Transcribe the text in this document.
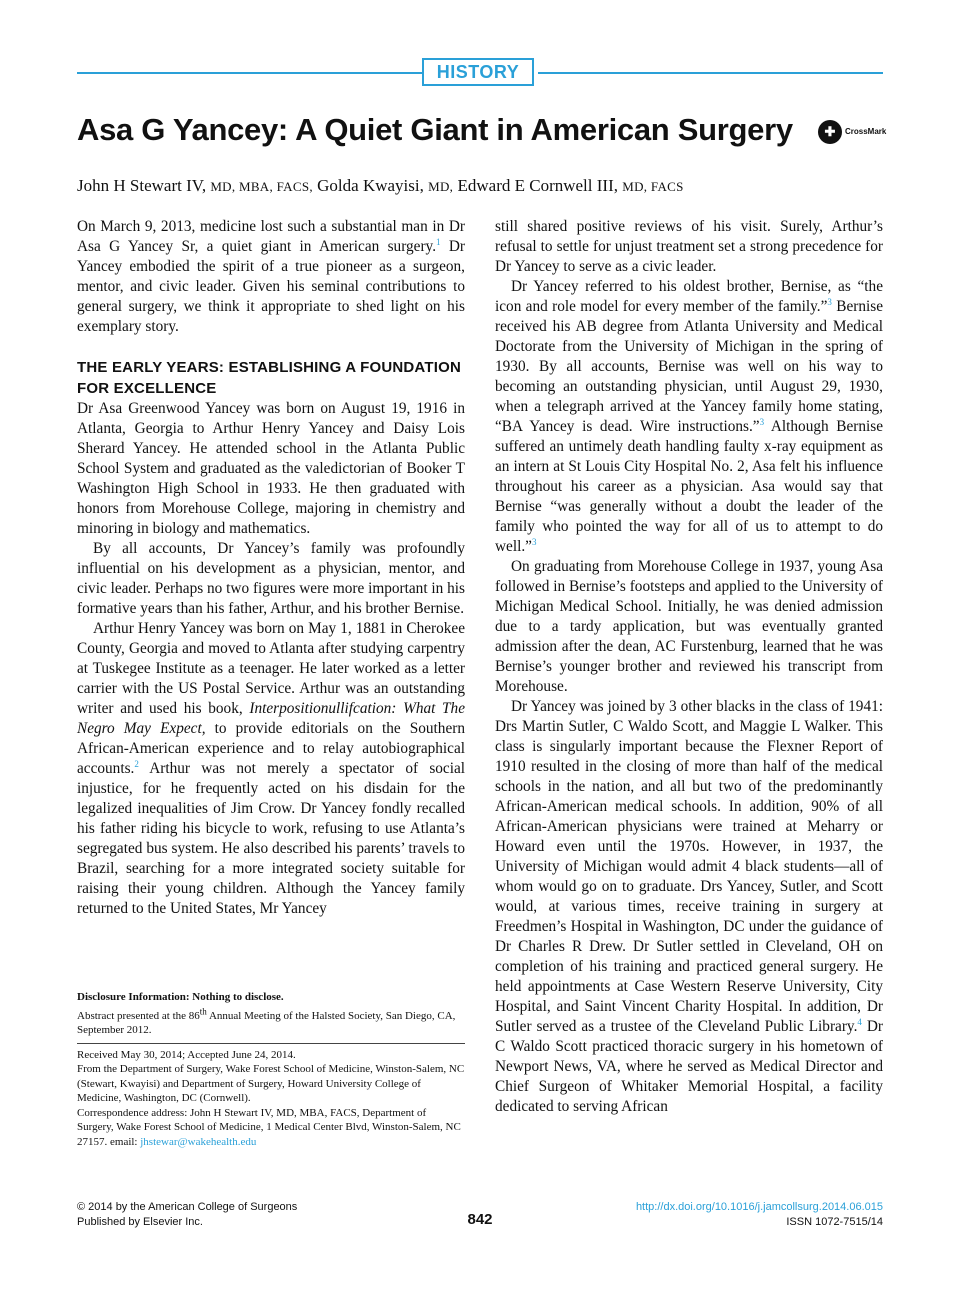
HISTORY
Asa G Yancey: A Quiet Giant in American Surgery	✚	CrossMark
John H Stewart IV, MD, MBA, FACS, Golda Kwayisi, MD, Edward E Cornwell III, MD, FACS

On March 9, 2013, medicine lost such a substantial man in Dr Asa G Yancey Sr, a quiet giant in American surgery.$^1$ Dr Yancey embodied the spirit of a true pioneer as a surgeon, mentor, and civic leader. Given his seminal contributions to general surgery, we think it appropriate to shed light on his exemplary story.

THE EARLY YEARS: ESTABLISHING A FOUNDATION FOR EXCELLENCE

Dr Asa Greenwood Yancey was born on August 19, 1916 in Atlanta, Georgia to Arthur Henry Yancey and Daisy Lois Sherard Yancey. He attended school in the Atlanta Public School System and graduated as the valedictorian of Booker T Washington High School in 1933. He then graduated with honors from Morehouse College, majoring in chemistry and minoring in biology and mathematics.

By all accounts, Dr Yancey’s family was profoundly influential on his development as a physician, mentor, and civic leader. Perhaps no two figures were more important in his formative years than his father, Arthur, and his brother Bernise.

Arthur Henry Yancey was born on May 1, 1881 in Cherokee County, Georgia and moved to Atlanta after studying carpentry at Tuskegee Institute as a teenager. He later worked as a letter carrier with the US Postal Service. Arthur was an outstanding writer and used his book, Interpositionullifcation: What The Negro May Expect, to provide editorials on the Southern African-American experience and to relay autobiographical accounts.$^2$ Arthur was not merely a spectator of social injustice, for he frequently acted on his disdain for the legalized inequalities of Jim Crow. Dr Yancey fondly recalled his father riding his bicycle to work, refusing to use Atlanta’s segregated bus system. He also described his parents’ travels to Brazil, searching for a more integrated society suitable for raising their young children. Although the Yancey family returned to the United States, Mr Yancey

Disclosure Information: Nothing to disclose.
Abstract presented at the 86th Annual Meeting of the Halsted Society, San Diego, CA, September 2012.
Received May 30, 2014; Accepted June 24, 2014.
From the Department of Surgery, Wake Forest School of Medicine, Winston-Salem, NC (Stewart, Kwayisi) and Department of Surgery, Howard University College of Medicine, Washington, DC (Cornwell).
Correspondence address: John H Stewart IV, MD, MBA, FACS, Department of Surgery, Wake Forest School of Medicine, 1 Medical Center Blvd, Winston-Salem, NC 27157. email: jhstewar@wakehealth.edu

still shared positive reviews of his visit. Surely, Arthur’s refusal to settle for unjust treatment set a strong precedence for Dr Yancey to serve as a civic leader.

Dr Yancey referred to his oldest brother, Bernise, as “the icon and role model for every member of the family.”$^3$ Bernise received his AB degree from Atlanta University and Medical Doctorate from the University of Michigan in the spring of 1930. By all accounts, Bernise was well on his way to becoming an outstanding physician, until August 29, 1930, when a telegraph arrived at the Yancey family home stating, “BA Yancey is dead. Wire instructions.”$^3$ Although Bernise suffered an untimely death handling faulty x-ray equipment as an intern at St Louis City Hospital No. 2, Asa felt his influence throughout his career as a physician. Asa would say that Bernise “was generally without a doubt the leader of the family who pointed the way for all of us to attempt to do well.”$^3$

On graduating from Morehouse College in 1937, young Asa followed in Bernise’s footsteps and applied to the University of Michigan Medical School. Initially, he was denied admission due to a tardy application, but was eventually granted admission after the dean, AC Furstenburg, learned that he was Bernise’s younger brother and reviewed his transcript from Morehouse.

Dr Yancey was joined by 3 other blacks in the class of 1941: Drs Martin Sutler, C Waldo Scott, and Maggie L Walker. This class is singularly important because the Flexner Report of 1910 resulted in the closing of more than half of the medical schools in the nation, and all but two of the predominantly African-American medical schools. In addition, 90% of all African-American physicians were trained at Meharry or Howard even until the 1970s. However, in 1937, the University of Michigan would admit 4 black students—all of whom would go on to graduate. Drs Yancey, Sutler, and Scott would, at various times, receive training in surgery at Freedmen’s Hospital in Washington, DC under the guidance of Dr Charles R Drew. Dr Sutler settled in Cleveland, OH on completion of his training and practiced general surgery. He held appointments at Case Western Reserve University, City Hospital, and Saint Vincent Charity Hospital. In addition, Dr Sutler served as a trustee of the Cleveland Public Library.$^4$ Dr C Waldo Scott practiced thoracic surgery in his hometown of Newport News, VA, where he served as Medical Director and Chief Surgeon of Whitaker Memorial Hospital, a facility dedicated to serving African

© 2014 by the American College of Surgeons
Published by Elsevier Inc.	842
http://dx.doi.org/10.1016/j.jamcollsurg.2014.06.015
ISSN 1072-7515/14
